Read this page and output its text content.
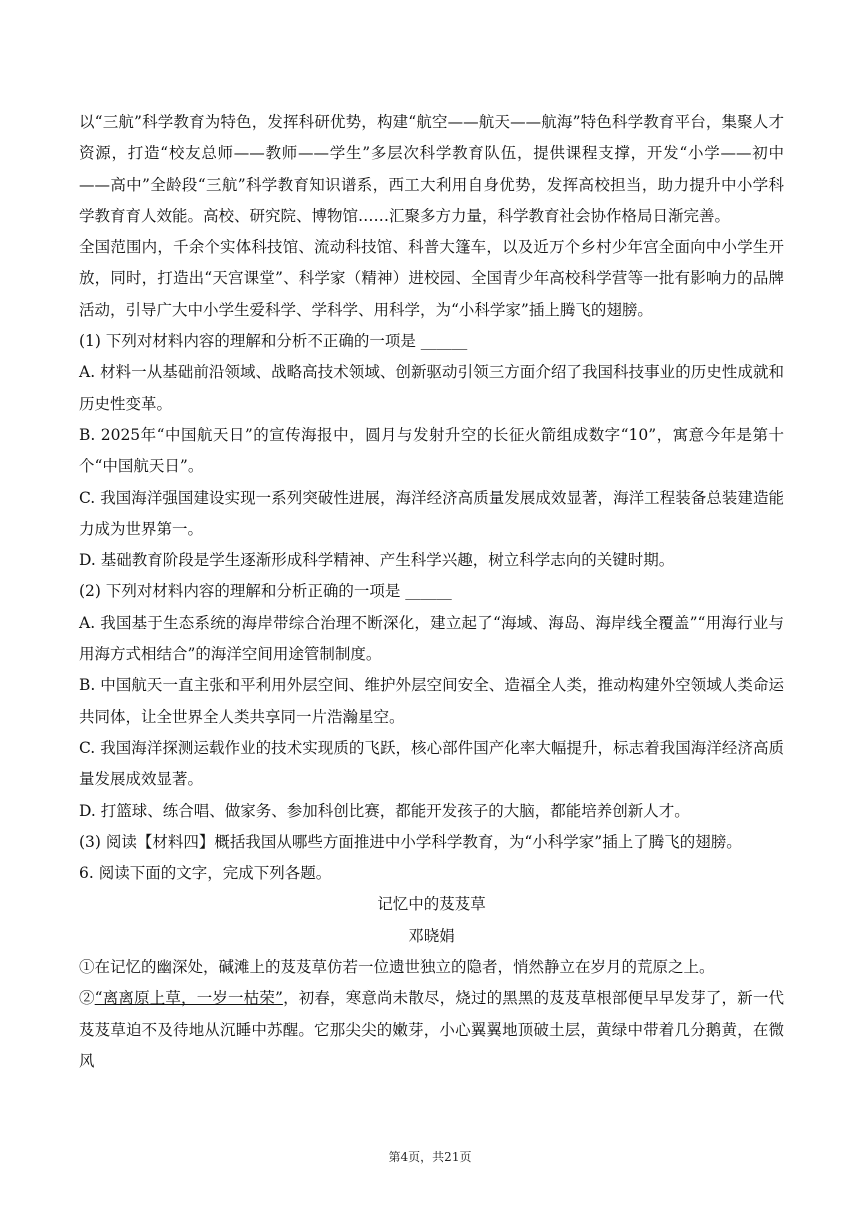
以“三航”科学教育为特色，发挥科研优势，构建“航空——航天——航海”特色科学教育平台，集聚人才资源，打造“校友总师——教师——学生”多层次科学教育队伍，提供课程支撑，开发“小学——初中——高中”全龄段“三航”科学教育知识谱系，西工大利用自身优势，发挥高校担当，助力提升中小学科学教育育人效能。高校、研究院、博物馆……汇聚多方力量，科学教育社会协作格局日渐完善。

全国范围内，千余个实体科技馆、流动科技馆、科普大篷车，以及近万个乡村少年宫全面向中小学生开放，同时，打造出“天宫课堂”、科学家（精神）进校园、全国青少年高校科学营等一批有影响力的品牌活动，引导广大中小学生爱科学、学科学、用科学，为“小科学家”插上腾飞的翅膀。

(1) 下列对材料内容的理解和分析不正确的一项是 ______

A. 材料一从基础前沿领域、战略高技术领域、创新驱动引领三方面介绍了我国科技事业的历史性成就和历史性变革。

B. 2025年“中国航天日”的宣传海报中，圆月与发射升空的长征火箭组成数字“10”，寓意今年是第十个“中国航天日”。

C. 我国海洋强国建设实现一系列突破性进展，海洋经济高质量发展成效显著，海洋工程装备总装建造能力成为世界第一。

D. 基础教育阶段是学生逐渐形成科学精神、产生科学兴趣，树立科学志向的关键时期。

(2) 下列对材料内容的理解和分析正确的一项是 ______

A. 我国基于生态系统的海岸带综合治理不断深化，建立起了“海域、海岛、海岸线全覆盖”“用海行业与用海方式相结合”的海洋空间用途管制制度。

B. 中国航天一直主张和平利用外层空间、维护外层空间安全、造福全人类，推动构建外空领域人类命运共同体，让全世界全人类共享同一片浩瀚星空。

C. 我国海洋探测运载作业的技术实现质的飞跃，核心部件国产化率大幅提升，标志着我国海洋经济高质量发展成效显著。

D. 打篮球、练合唱、做家务、参加科创比赛，都能开发孩子的大脑，都能培养创新人才。

(3) 阅读【材料四】概括我国从哪些方面推进中小学科学教育，为“小科学家”插上了腾飞的翅膀。

6. 阅读下面的文字，完成下列各题。

记忆中的芨芨草

邓晓娟

①在记忆的幽深处，碱滩上的芨芨草仿若一位遗世独立的隐者，悄然静立在岁月的荒原之上。

②“离离原上草，一岁一枯荣”，初春，寒意尚未散尽，烧过的黑黑的芨芨草根部便早早发芽了，新一代芨芨草迫不及待地从沉睡中苏醒。它那尖尖的嫩芽，小心翼翼地顶破土层，黄绿中带着几分鹅黄，在微风

第4页，共21页
